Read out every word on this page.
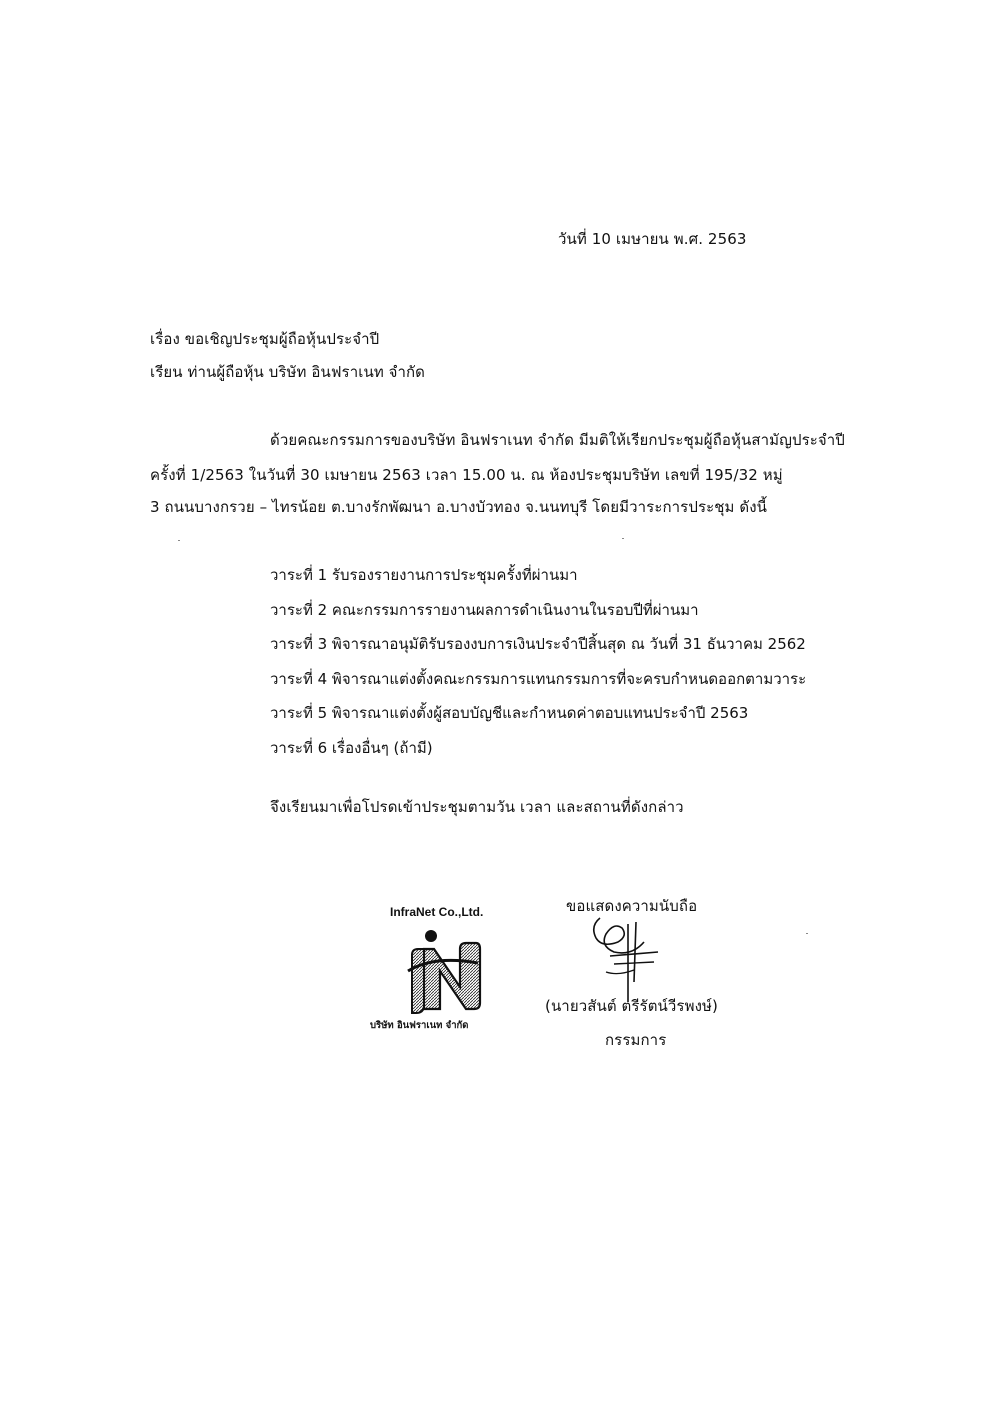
วันที่ 10 เมษายน พ.ศ. 2563
เรื่อง ขอเชิญประชุมผู้ถือหุ้นประจำปี
เรียน ท่านผู้ถือหุ้น บริษัท อินฟราเนท จำกัด
ด้วยคณะกรรมการของบริษัท อินฟราเนท จำกัด มีมติให้เรียกประชุมผู้ถือหุ้นสามัญประจำปี
ครั้งที่ 1/2563 ในวันที่ 30 เมษายน 2563 เวลา 15.00 น. ณ ห้องประชุมบริษัท เลขที่ 195/32 หมู่
3 ถนนบางกรวย – ไทรน้อย ต.บางรักพัฒนา อ.บางบัวทอง จ.นนทบุรี โดยมีวาระการประชุม ดังนี้
วาระที่ 1 รับรองรายงานการประชุมครั้งที่ผ่านมา
วาระที่ 2 คณะกรรมการรายงานผลการดำเนินงานในรอบปีที่ผ่านมา
วาระที่ 3 พิจารณาอนุมัติรับรองงบการเงินประจำปีสิ้นสุด ณ วันที่ 31 ธันวาคม 2562
วาระที่ 4 พิจารณาแต่งตั้งคณะกรรมการแทนกรรมการที่จะครบกำหนดออกตามวาระ
วาระที่ 5 พิจารณาแต่งตั้งผู้สอบบัญชีและกำหนดค่าตอบแทนประจำปี 2563
วาระที่ 6 เรื่องอื่นๆ (ถ้ามี)
จึงเรียนมาเพื่อโปรดเข้าประชุมตามวัน เวลา และสถานที่ดังกล่าว
InfraNet Co.,Ltd.
บริษัท อินฟราเนท จำกัด
ขอแสดงความนับถือ
(นายวสันต์ ตรีรัตน์วีรพงษ์)
กรรมการ
